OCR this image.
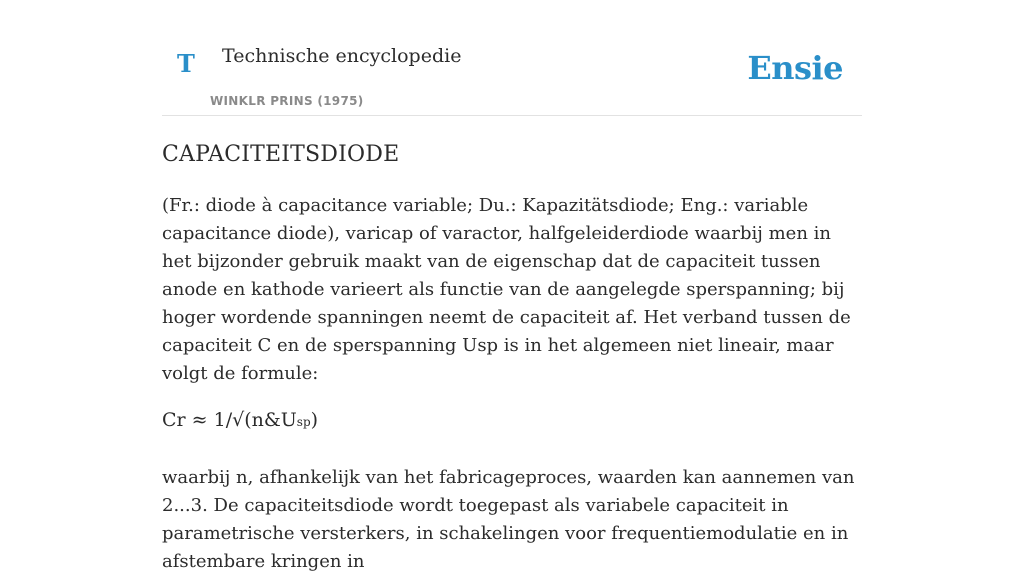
T Technische encyclopedie
WINKLR PRINS (1975)
Ensie
CAPACITEITSDIODE

(Fr.: diode à capacitance variable; Du.: Kapazitätsdiode; Eng.: variable capacitance diode), varicap of varactor, halfgeleiderdiode waarbij men in het bijzonder gebruik maakt van de eigenschap dat de capaciteit tussen anode en kathode varieert als functie van de aangelegde sperspanning; bij hoger wordende spanningen neemt de capaciteit af. Het verband tussen de capaciteit C en de sperspanning Usp is in het algemeen niet lineair, maar volgt de formule:

Cr ≈ 1/√(n&Usp)

waarbij n, afhankelijk van het fabricageproces, waarden kan aannemen van 2...3. De capaciteitsdiode wordt toegepast als variabele capaciteit in parametrische versterkers, in schakelingen voor frequentiemodulatie en in afstembare kringen in
